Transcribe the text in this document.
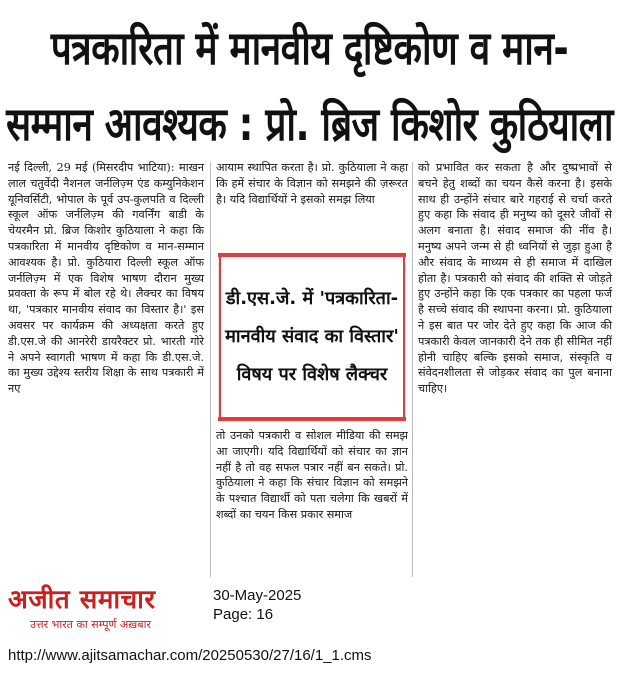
पत्रकारिता में मानवीय दृष्टिकोण व मान-
सम्मान आवश्यक : प्रो. ब्रिज किशोर कुठियाला
नई दिल्ली, 29 मई (मिसरदीप भाटिया): माखन लाल चतुर्वेदी नैशनल जर्नलिज़्म एंड कम्युनिकेशन यूनिवर्सिटी, भोपाल के पूर्व उप-कुलपति व दिल्ली स्कूल ऑफ जर्नलिज़्म की गवर्निंग बाडी के चेयरमैन प्रो. ब्रिज किशोर कुठियाला ने कहा कि पत्रकारिता में मानवीय दृष्टिकोण व मान-सम्मान आवश्यक है। प्रो. कुठियारा दिल्ली स्कूल ऑफ जर्नलिज़्म में एक विशेष भाषण दौरान मुख्य प्रवक्ता के रूप में बोल रहे थे। लैक्चर का विषय था, 'पत्रकार मानवीय संवाद का विस्तार है।' इस अवसर पर कार्यक्रम की अध्यक्षता करते हुए डी.एस.जे की आनरेरी डायरैक्टर प्रो. भारती गोरे ने अपने स्वागती भाषण में कहा कि डी.एस.जे. का मुख्य उद्देश्य स्तरीय शिक्षा के साथ पत्रकारी में नए
आयाम स्थापित करता है। प्रो. कुठियाला ने कहा कि हमें संचार के विज्ञान को समझने की ज़रूरत है। यदि विद्यार्थियों ने इसको समझ लिया
डी.एस.जे. में 'पत्रकारिता-
मानवीय संवाद का विस्तार'
विषय पर विशेष लैक्चर
तो उनको पत्रकारी व सोशल मीडिया की समझ आ जाएगी। यदि विद्यार्थियों को संचार का ज्ञान नहीं है तो वह सफल पत्रार नहीं बन सकते। प्रो. कुठियाला ने कहा कि संचार विज्ञान को समझने के पश्चात विद्यार्थी को पता चलेगा कि खबरों में शब्दों का चयन किस प्रकार समाज
को प्रभावित कर सकता है और दुष्प्रभावों से बचने हेतु शब्दों का चयन कैसे करना है। इसके साथ ही उन्होंने संचार बारे गहराई से चर्चा करते हुए कहा कि संवाद ही मनुष्य को दूसरे जीवों से अलग बनाता है। संवाद समाज की नींव है। मनुष्य अपने जन्म से ही ध्वनियों से जुड़ा हुआ है और संवाद के माध्यम से ही समाज में दाखिल होता है। पत्रकारी को संवाद की शक्ति से जोड़ते हुए उन्होंने कहा कि एक पत्रकार का पहला फर्ज है सच्चे संवाद की स्थापना करना। प्रो. कुठियाला ने इस बात पर जोर देते हुए कहा कि आज की पत्रकारी केवल जानकारी देने तक ही सीमित नहीं होनी चाहिए बल्कि इसको समाज, संस्कृति व संवेदनशीलता से जोड़कर संवाद का पुल बनाना चाहिए।
अजीत समाचार
उत्तर भारत का सम्पूर्ण अख़बार
30-May-2025
Page: 16
http://www.ajitsamachar.com/20250530/27/16/1_1.cms
